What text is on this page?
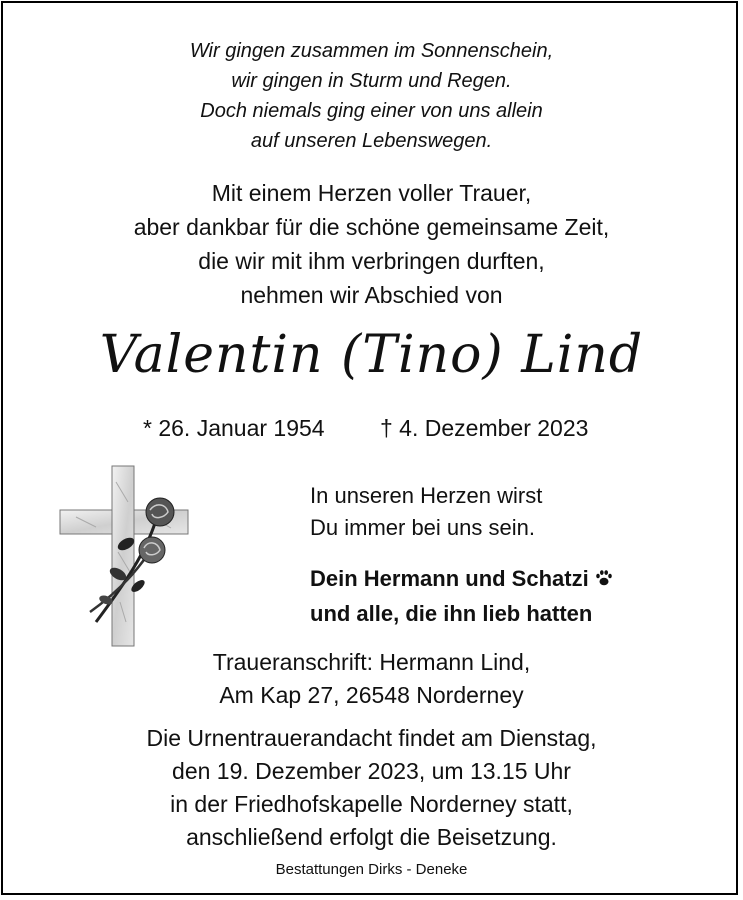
Wir gingen zusammen im Sonnenschein,
wir gingen in Sturm und Regen.
Doch niemals ging einer von uns allein
auf unseren Lebenswegen.
Mit einem Herzen voller Trauer,
aber dankbar für die schöne gemeinsame Zeit,
die wir mit ihm verbringen durften,
nehmen wir Abschied von
Valentin (Tino) Lind
* 26. Januar 1954 † 4. Dezember 2023
In unseren Herzen wirst
Du immer bei uns sein.
Dein Hermann und Schatzi
und alle, die ihn lieb hatten
Traueranschrift: Hermann Lind,
Am Kap 27, 26548 Norderney
Die Urnentrauerandacht findet am Dienstag,
den 19. Dezember 2023, um 13.15 Uhr
in der Friedhofskapelle Norderney statt,
anschließend erfolgt die Beisetzung.
Bestattungen Dirks - Deneke
